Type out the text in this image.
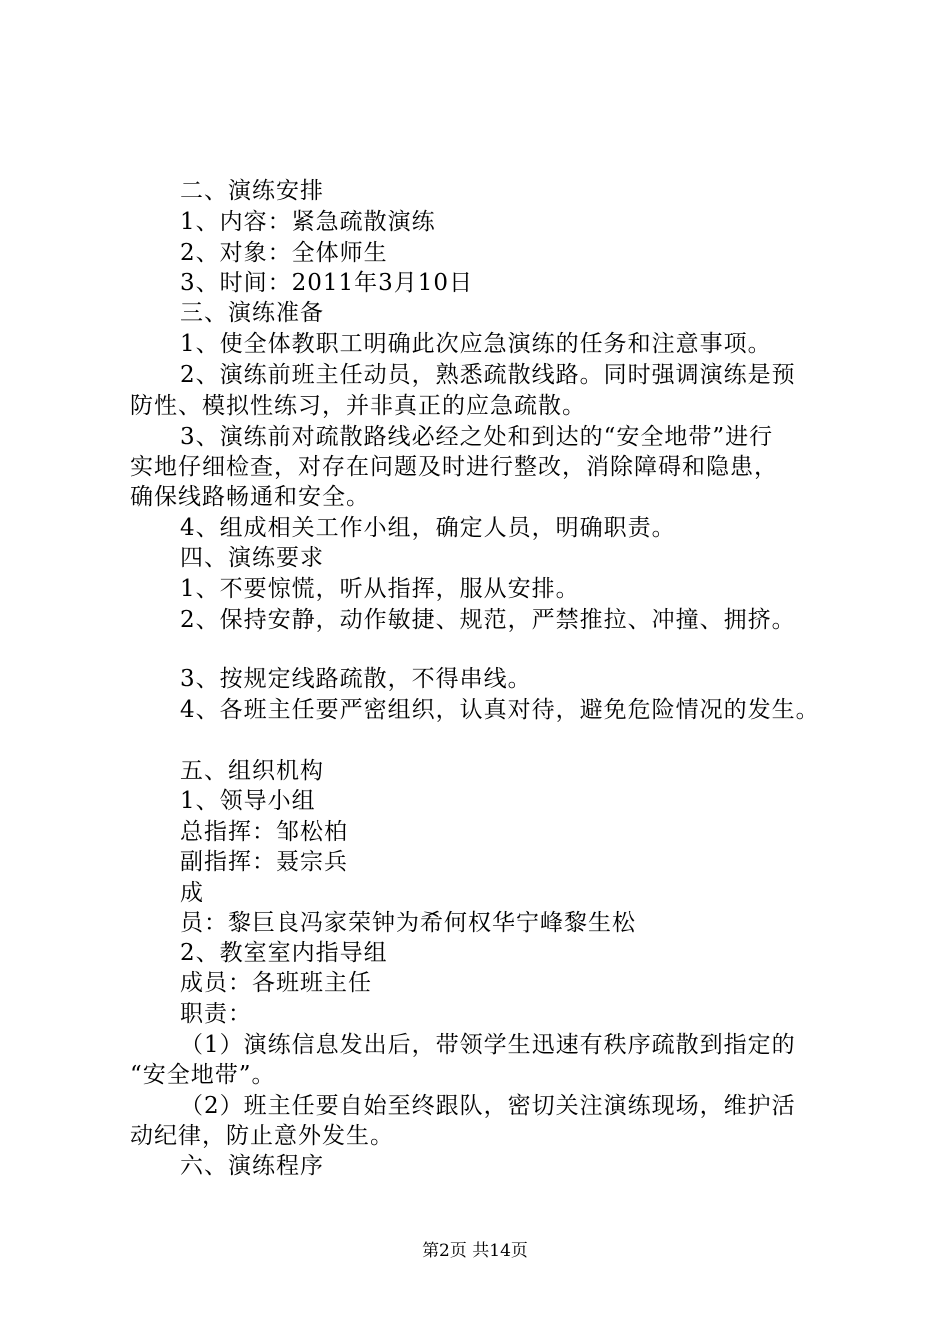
二、演练安排
1、内容：紧急疏散演练
2、对象：全体师生
3、时间：2011年3月10日
三、演练准备
1、使全体教职工明确此次应急演练的任务和注意事项。
2、演练前班主任动员，熟悉疏散线路。同时强调演练是预
防性、模拟性练习，并非真正的应急疏散。
3、演练前对疏散路线必经之处和到达的“安全地带”进行
实地仔细检查，对存在问题及时进行整改，消除障碍和隐患，
确保线路畅通和安全。
4、组成相关工作小组，确定人员，明确职责。
四、演练要求
1、不要惊慌，听从指挥，服从安排。
2、保持安静，动作敏捷、规范，严禁推拉、冲撞、拥挤。
3、按规定线路疏散，不得串线。
4、各班主任要严密组织，认真对待，避免危险情况的发生。
五、组织机构
1、领导小组
总指挥：邹松柏
副指挥：聂宗兵
成
员：黎巨良冯家荣钟为希何权华宁峰黎生松
2、教室室内指导组
成员：各班班主任
职责：
（1）演练信息发出后，带领学生迅速有秩序疏散到指定的
“安全地带”。
（2）班主任要自始至终跟队，密切关注演练现场，维护活
动纪律，防止意外发生。
六、演练程序
第2页 共14页
